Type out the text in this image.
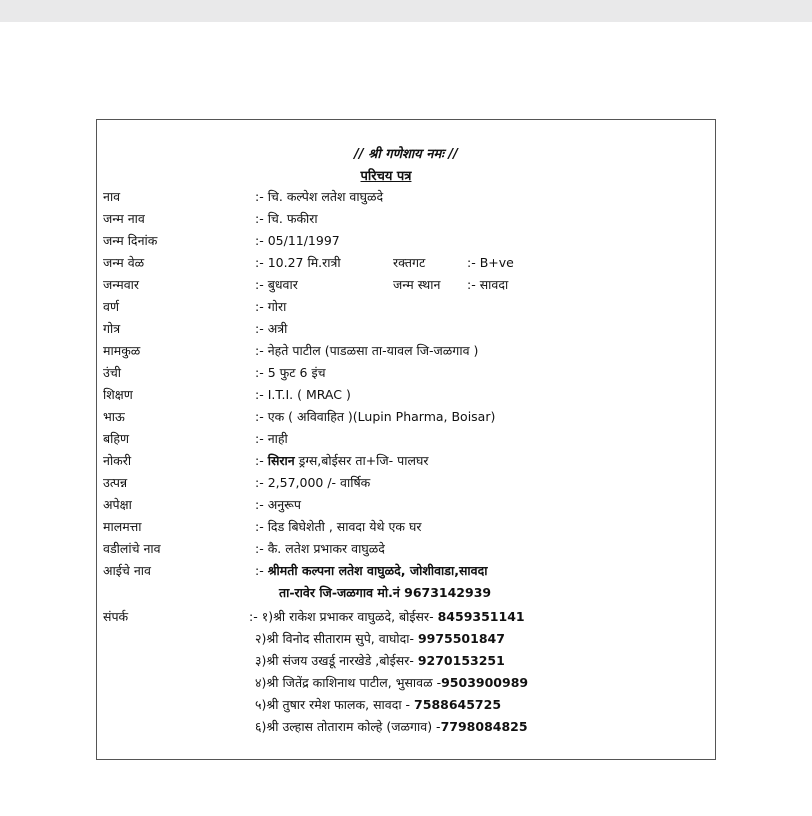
// श्री गणेशाय नमः //
परिचय पत्र
नाव	:- चि. कल्पेश लतेश वाघुळदे
जन्म नाव	:- चि. फकीरा
जन्म दिनांक	:- 05/11/1997
जन्म वेळ	:- 10.27 मि.रात्री	रक्तगट	:- B+ve
जन्मवार	:- बुधवार	जन्म स्थान :- सावदा
वर्ण	:- गोरा
गोत्र	:- अत्री
मामकुळ	:- नेहते पाटील (पाडळसा ता-यावल जि-जळगाव )
उंची	:- 5 फुट 6 इंच
शिक्षण	:- I.T.I. ( MRAC )
भाऊ	:- एक ( अविवाहित )(Lupin Pharma, Boisar)
बहिण	:- नाही
नोकरी	:- सिरान ड्रग्स,बोईसर ता+जि- पालघर
उत्पन्न	:- 2,57,000 /- वार्षिक
अपेक्षा	:- अनुरूप
मालमत्ता	:- दिड बिघेशेती , सावदा येथे एक घर
वडीलांचे नाव	:- कै. लतेश प्रभाकर वाघुळदे
आईचे नाव	:- श्रीमती कल्पना लतेश वाघुळदे, जोशीवाडा,सावदा
ता-रावेर जि-जळगाव मो.नं 9673142939
संपर्क	:- १)श्री राकेश प्रभाकर वाघुळदे, बोईसर- 8459351141
२)श्री विनोद सीताराम सुपे, वाघोदा- 9975501847
३)श्री संजय उखर्डू नारखेडे ,बोईसर- 9270153251
४)श्री जितेंद्र काशिनाथ पाटील, भुसावळ -9503900989
५)श्री तुषार रमेश फालक, सावदा - 7588645725
६)श्री उल्हास तोताराम कोल्हे (जळगाव) -7798084825
